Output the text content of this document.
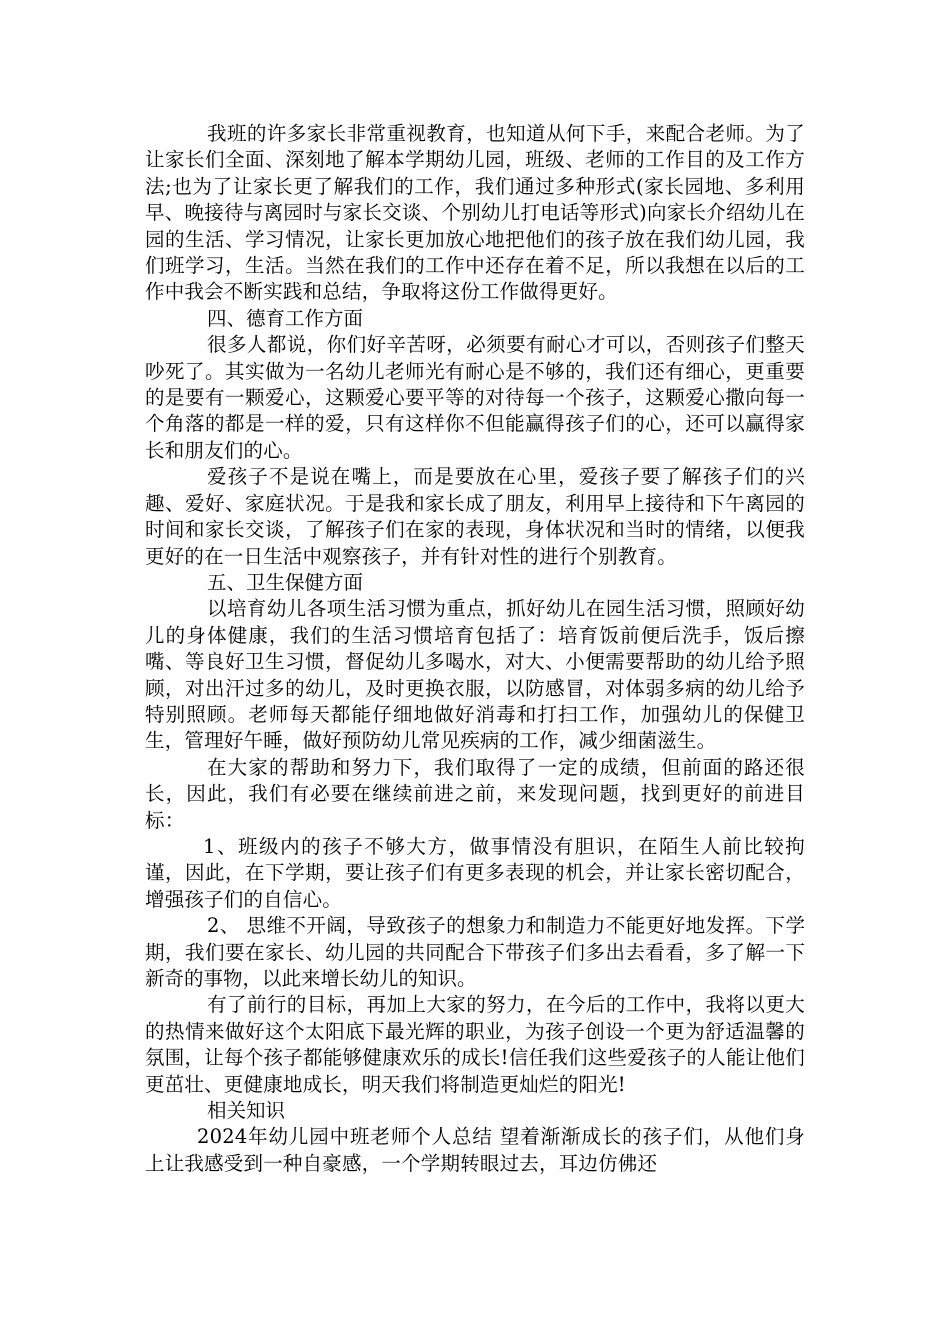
我班的许多家长非常重视教育，也知道从何下手，来配合老师。为了让家长们全面、深刻地了解本学期幼儿园，班级、老师的工作目的及工作方法;也为了让家长更了解我们的工作，我们通过多种形式(家长园地、多利用早、晚接待与离园时与家长交谈、个别幼儿打电话等形式)向家长介绍幼儿在园的生活、学习情况，让家长更加放心地把他们的孩子放在我们幼儿园，我们班学习，生活。当然在我们的工作中还存在着不足，所以我想在以后的工作中我会不断实践和总结，争取将这份工作做得更好。

四、德育工作方面

很多人都说，你们好辛苦呀，必须要有耐心才可以，否则孩子们整天吵死了。其实做为一名幼儿老师光有耐心是不够的，我们还有细心，更重要的是要有一颗爱心，这颗爱心要平等的对待每一个孩子，这颗爱心撒向每一个角落的都是一样的爱，只有这样你不但能赢得孩子们的心，还可以赢得家长和朋友们的心。

爱孩子不是说在嘴上，而是要放在心里，爱孩子要了解孩子们的兴趣、爱好、家庭状况。于是我和家长成了朋友，利用早上接待和下午离园的时间和家长交谈，了解孩子们在家的表现，身体状况和当时的情绪，以便我更好的在一日生活中观察孩子，并有针对性的进行个别教育。

五、卫生保健方面

以培育幼儿各项生活习惯为重点，抓好幼儿在园生活习惯，照顾好幼儿的身体健康，我们的生活习惯培育包括了：培育饭前便后洗手，饭后擦嘴、等良好卫生习惯，督促幼儿多喝水，对大、小便需要帮助的幼儿给予照顾，对出汗过多的幼儿，及时更换衣服，以防感冒，对体弱多病的幼儿给予特别照顾。老师每天都能仔细地做好消毒和打扫工作，加强幼儿的保健卫生，管理好午睡，做好预防幼儿常见疾病的工作，减少细菌滋生。

在大家的帮助和努力下，我们取得了一定的成绩，但前面的路还很长，因此，我们有必要在继续前进之前，来发现问题，找到更好的前进目标：

1、班级内的孩子不够大方，做事情没有胆识，在陌生人前比较拘谨，因此，在下学期，要让孩子们有更多表现的机会，并让家长密切配合，增强孩子们的自信心。

2、 思维不开阔，导致孩子的想象力和制造力不能更好地发挥。下学期，我们要在家长、幼儿园的共同配合下带孩子们多出去看看，多了解一下新奇的事物，以此来增长幼儿的知识。

有了前行的目标，再加上大家的努力，在今后的工作中，我将以更大的热情来做好这个太阳底下最光辉的职业，为孩子创设一个更为舒适温馨的氛围，让每个孩子都能够健康欢乐的成长!信任我们这些爱孩子的人能让他们更茁壮、更健康地成长，明天我们将制造更灿烂的阳光!

相关知识

2024年幼儿园中班老师个人总结 望着渐渐成长的孩子们，从他们身上让我感受到一种自豪感，一个学期转眼过去，耳边仿佛还
